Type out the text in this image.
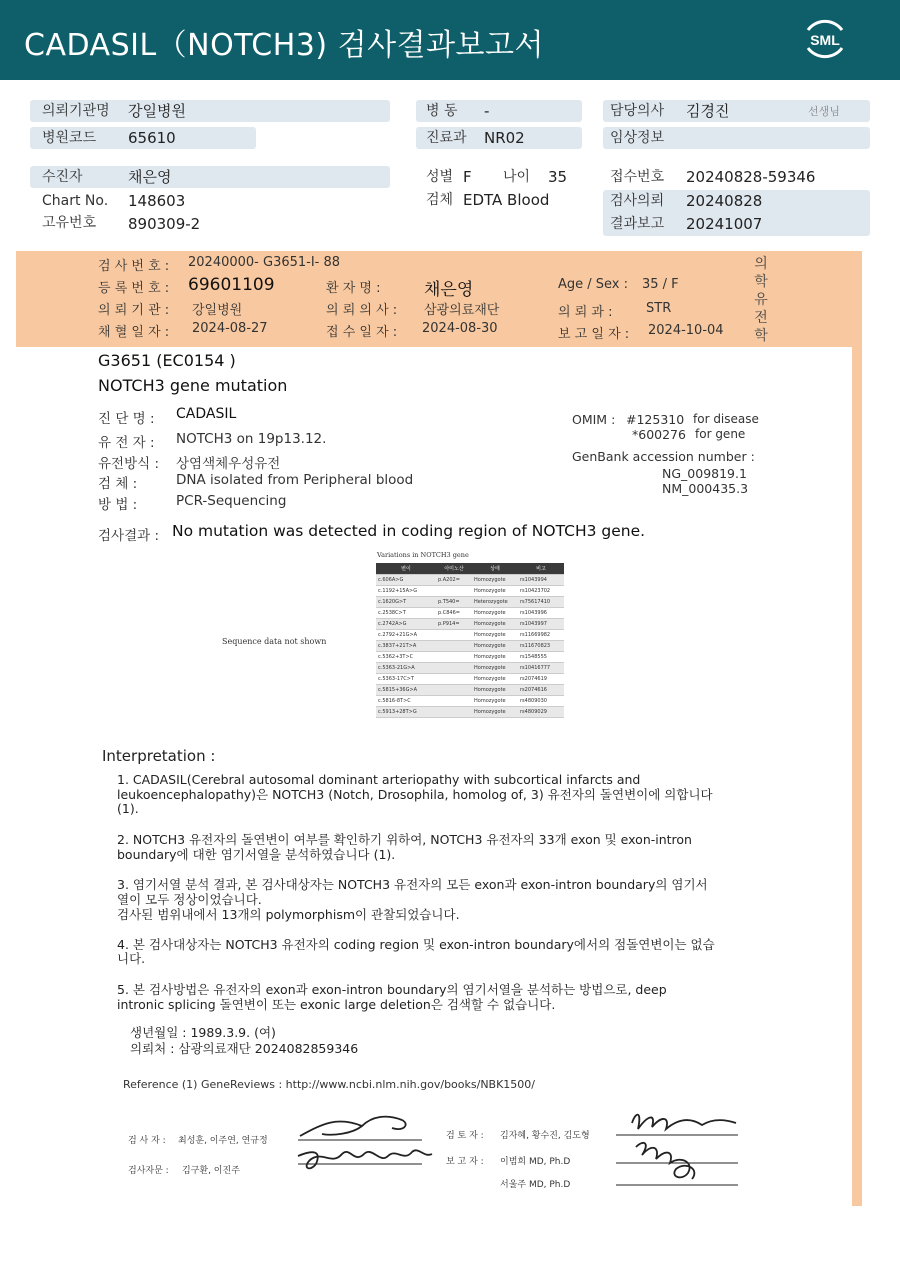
CADASIL（NOTCH3) 검사결과보고서	SML
의뢰기관명 강일병원
병원코드 65610
병 동 -
진료과 NR02
담당의사 김경진	선생님
임상정보
수진자	채은영
Chart No. 148603
고유번호 890309-2
성별 F 나이 35
검체 EDTA Blood
접수번호 20240828-59346
검사의뢰 20240828
결과보고 20241007
검 사 번 호 : 20240000- G3651-I- 88
등 록 번 호 : 69601109	환 자 명 :	채은영	Age / Sex : 35 / F
의 뢰 기 관 : 강일병원	의 뢰 의 사 : 삼광의료재단	의 뢰 과 :	STR
채 혈 일 자 : 2024-08-27	접 수 일 자 : 2024-08-30	보 고 일 자 : 2024-10-04
의
학
유
전
학
G3651 (EC0154 )
NOTCH3 gene mutation
진 단 명 : CADASIL
유 전 자 : NOTCH3 on 19p13.12.
유전방식 : 상염색체우성유전
검 체 :	DNA isolated from Peripheral blood
방 법 :	PCR-Sequencing
OMIM : #125310 for disease
*600276 for gene
GenBank accession number :
NG_009819.1
NM_000435.3
검사결과 : No mutation was detected in coding region of NOTCH3 gene.
Sequence data not shown
Variations in NOTCH3 gene
변이	아미노산	상태	비고
c.606A>G	p.A202=	Homozygote	rs1043994
c.1192+15A>G		Homozygote	rs10423702
c.1620G>T	p.T540=	Heterozygote	rs75617410
c.2538C>T	p.C846=	Homozygote	rs1043996
c.2742A>G	p.P914=	Homozygote	rs1043997
c.2792+21G>A		Homozygote	rs11669982
c.3837+21T>A		Homozygote	rs11670823
c.5362+3T>C		Homozygote	rs1548555
c.5363-21G>A		Homozygote	rs10416777
c.5363-17C>T		Homozygote	rs2074619
c.5815+36G>A		Homozygote	rs2074616
c.5816-8T>C		Homozygote	rs4809030
c.5913+28T>G		Homozygote	rs4809029
Interpretation :
1. CADASIL(Cerebral autosomal dominant arteriopathy with subcortical infarcts and
leukoencephalopathy)은 NOTCH3 (Notch, Drosophila, homolog of, 3) 유전자의 돌연변이에 의합니다
(1).
2. NOTCH3 유전자의 돌연변이 여부를 확인하기 위하여, NOTCH3 유전자의 33개 exon 및 exon-intron
boundary에 대한 염기서열을 분석하였습니다 (1).
3. 염기서열 분석 결과, 본 검사대상자는 NOTCH3 유전자의 모든 exon과 exon-intron boundary의 염기서
열이 모두 정상이었습니다.
검사된 범위내에서 13개의 polymorphism이 관찰되었습니다.
4. 본 검사대상자는 NOTCH3 유전자의 coding region 및 exon-intron boundary에서의 점돌연변이는 없습
니다.
5. 본 검사방법은 유전자의 exon과 exon-intron boundary의 염기서열을 분석하는 방법으로, deep
intronic splicing 돌연변이 또는 exonic large deletion은 검색할 수 없습니다.
생년월일 : 1989.3.9. (여)
의뢰처 : 삼광의료재단 2024082859346
Reference (1) GeneReviews : http://www.ncbi.nlm.nih.gov/books/NBK1500/
검 사 자 : 최성훈, 이주연, 연규정
검사자문 : 김구환, 이진주
검 토 자 : 김자혜, 황수진, 김도형
보 고 자 : 이범희 MD, Ph.D
서울주 MD, Ph.D
